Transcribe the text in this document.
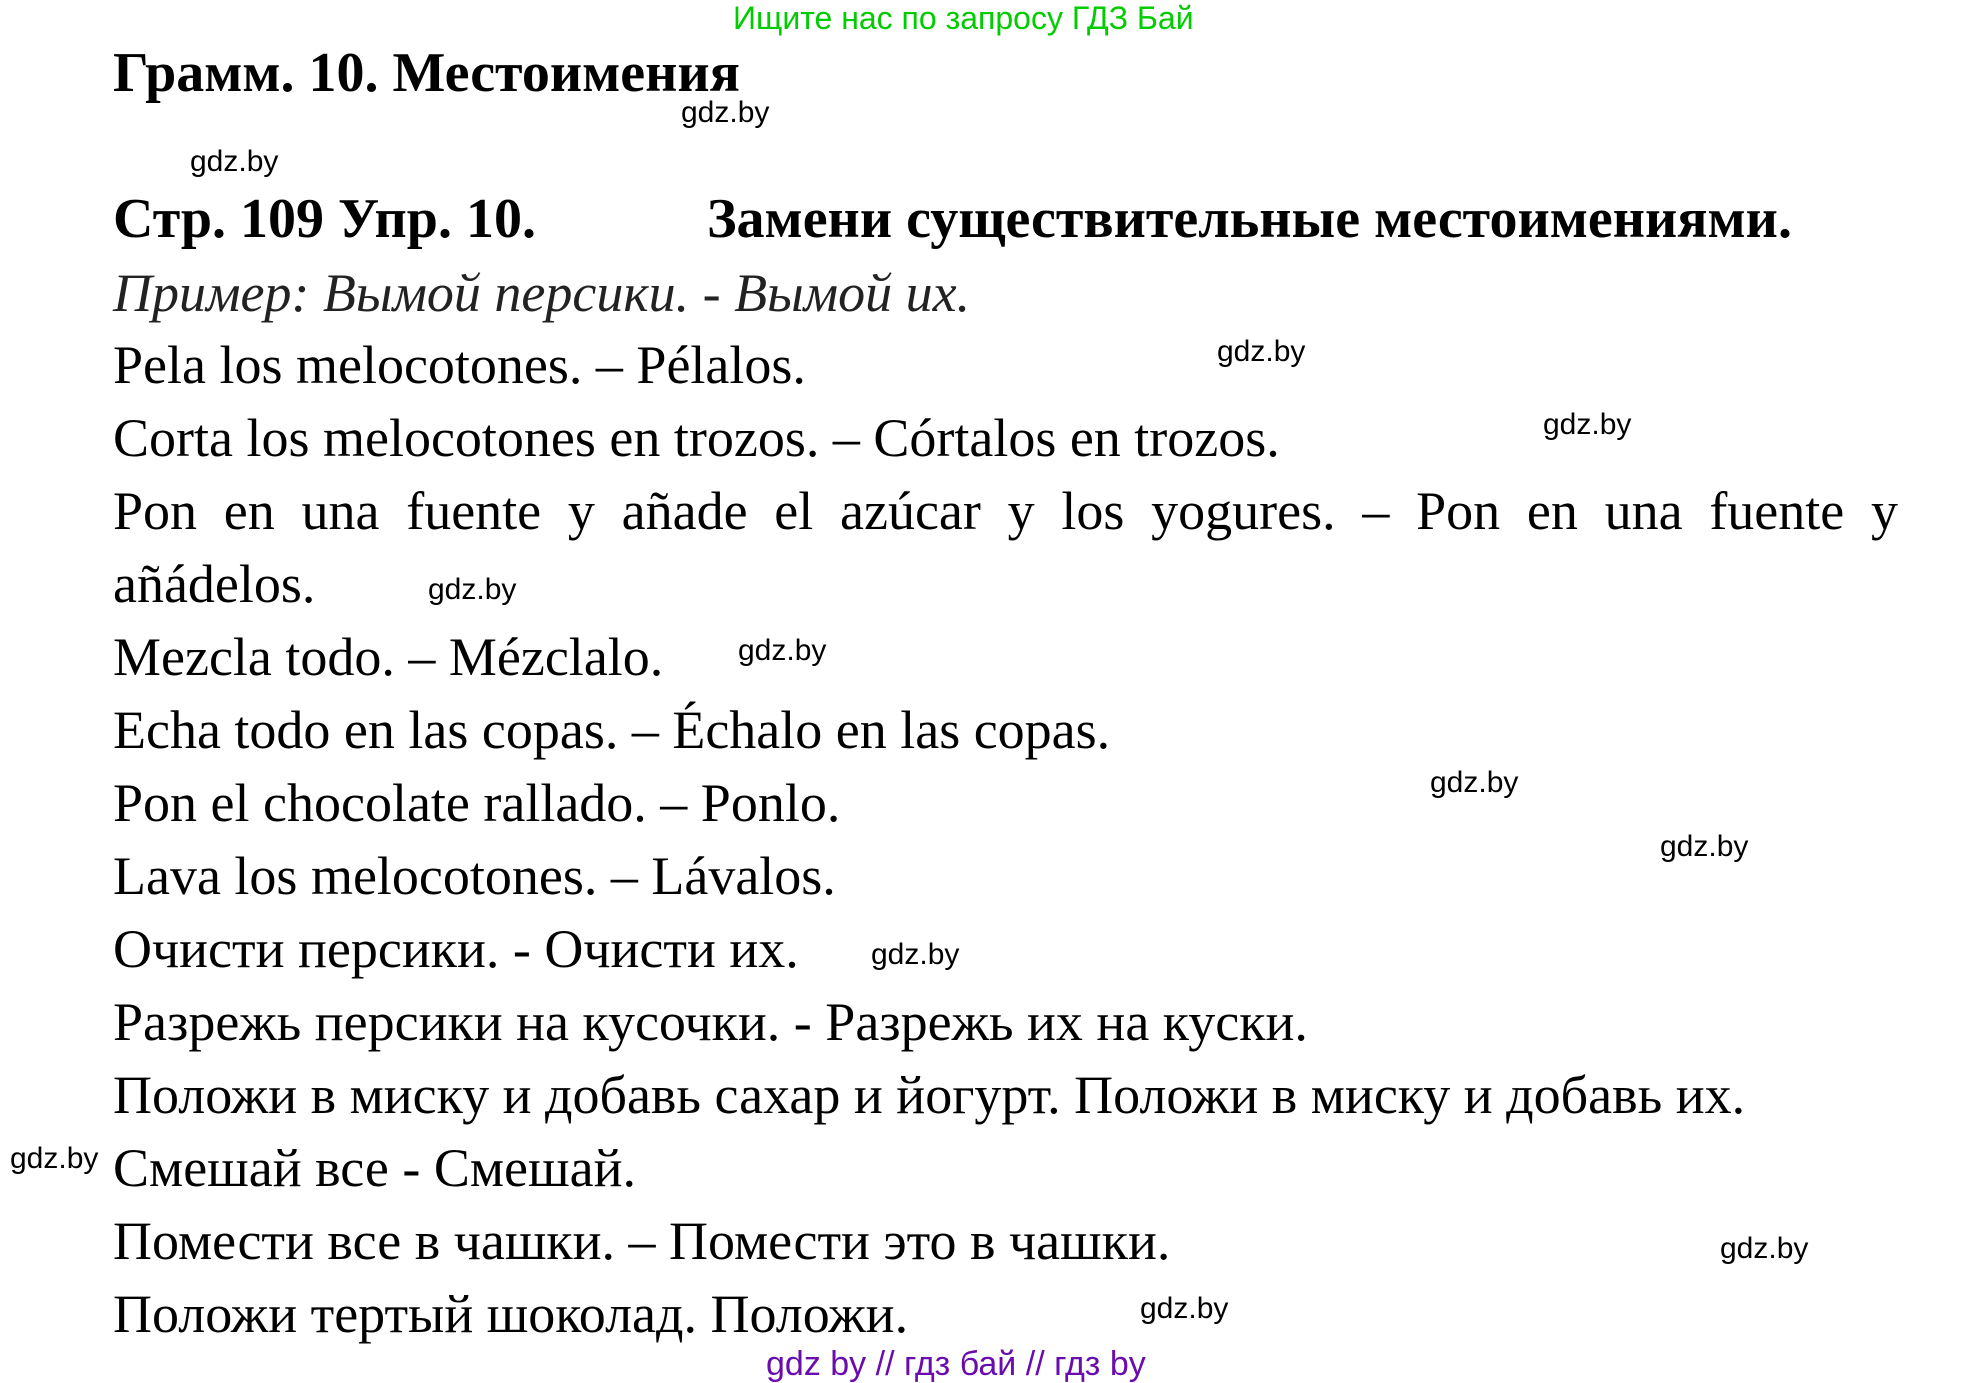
Ищите нас по запросу ГДЗ Бай
Грамм. 10. Местоимения
Стр. 109 Упр. 10.	Замени существительные местоимениями.
Пример: Вымой персики. - Вымой их.
Pela los melocotones. – Pélalos.
Corta los melocotones en trozos. – Córtalos en trozos.
Pon en una fuente y añade el azúcar y los yogures. – Pon en una fuente y
añádelos.
Mezcla todo. – Mézclalo.
Echa todo en las copas. – Échalo en las copas.
Pon el chocolate rallado. – Ponlo.
Lava los melocotones. – Lávalos.
Очисти персики. - Очисти их.
Разрежь персики на кусочки. - Разрежь их на куски.
Положи в миску и добавь сахар и йогурт. Положи в миску и добавь их.
Смешай все - Смешай.
Помести все в чашки. – Помести это в чашки.
Положи тертый шоколад. Положи.
gdz.by
gdz.by
gdz.by
gdz.by
gdz.by
gdz.by
gdz.by
gdz.by
gdz.by
gdz.by
gdz.by
gdz.by
gdz by // гдз бай // гдз by
